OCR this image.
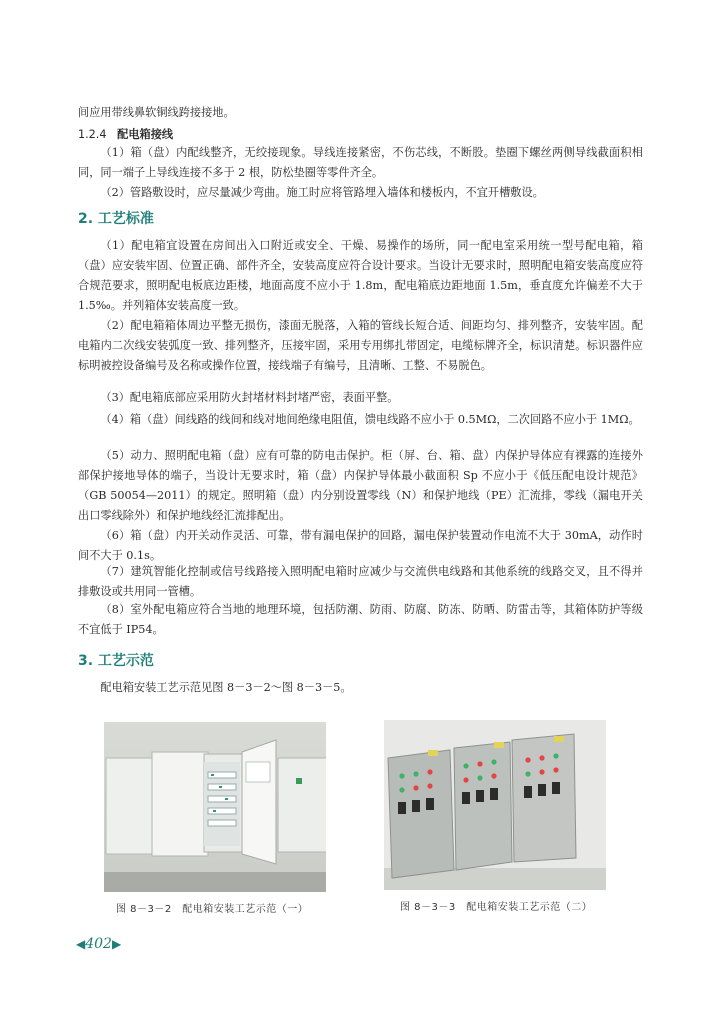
间应用带线鼻软铜线跨接接地。
1.2.4 配电箱接线
（1）箱（盘）内配线整齐，无绞接现象。导线连接紧密，不伤芯线，不断股。垫圈下螺丝两侧导线截面积相同，同一端子上导线连接不多于 2 根，防松垫圈等零件齐全。
（2）管路敷设时，应尽量减少弯曲。施工时应将管路埋入墙体和楼板内，不宜开槽敷设。
2. 工艺标准
（1）配电箱宜设置在房间出入口附近或安全、干燥、易操作的场所，同一配电室采用统一型号配电箱，箱（盘）应安装牢固、位置正确、部件齐全，安装高度应符合设计要求。当设计无要求时，照明配电箱安装高度应符合规范要求，照明配电板底边距楼，地面高度不应小于 1.8m，配电箱底边距地面 1.5m，垂直度允许偏差不大于 1.5‰。并列箱体安装高度一致。
（2）配电箱箱体周边平整无损伤，漆面无脱落，入箱的管线长短合适、间距均匀、排列整齐，安装牢固。配电箱内二次线安装弧度一致、排列整齐，压接牢固，采用专用绑扎带固定，电缆标牌齐全，标识清楚。标识器件应标明被控设备编号及名称或操作位置，接线端子有编号，且清晰、工整、不易脱色。
（3）配电箱底部应采用防火封堵材料封堵严密，表面平整。
（4）箱（盘）间线路的线间和线对地间绝缘电阻值，馈电线路不应小于 0.5MΩ，二次回路不应小于 1MΩ。
（5）动力、照明配电箱（盘）应有可靠的防电击保护。柜（屏、台、箱、盘）内保护导体应有裸露的连接外部保护接地导体的端子，当设计无要求时，箱（盘）内保护导体最小截面积 Sp 不应小于《低压配电设计规范》（GB 50054—2011）的规定。照明箱（盘）内分别设置零线（N）和保护地线（PE）汇流排，零线（漏电开关出口零线除外）和保护地线经汇流排配出。
（6）箱（盘）内开关动作灵活、可靠，带有漏电保护的回路，漏电保护装置动作电流不大于 30mA，动作时间不大于 0.1s。
（7）建筑智能化控制或信号线路接入照明配电箱时应减少与交流供电线路和其他系统的线路交叉，且不得并排敷设或共用同一管槽。
（8）室外配电箱应符合当地的地理环境，包括防潮、防雨、防腐、防冻、防晒、防雷击等，其箱体防护等级不宜低于 IP54。
3. 工艺示范
配电箱安装工艺示范见图 8－3－2～图 8－3－5。
图 8－3－2　配电箱安装工艺示范（一）	图 8－3－3　配电箱安装工艺示范（二）
◀402▶
